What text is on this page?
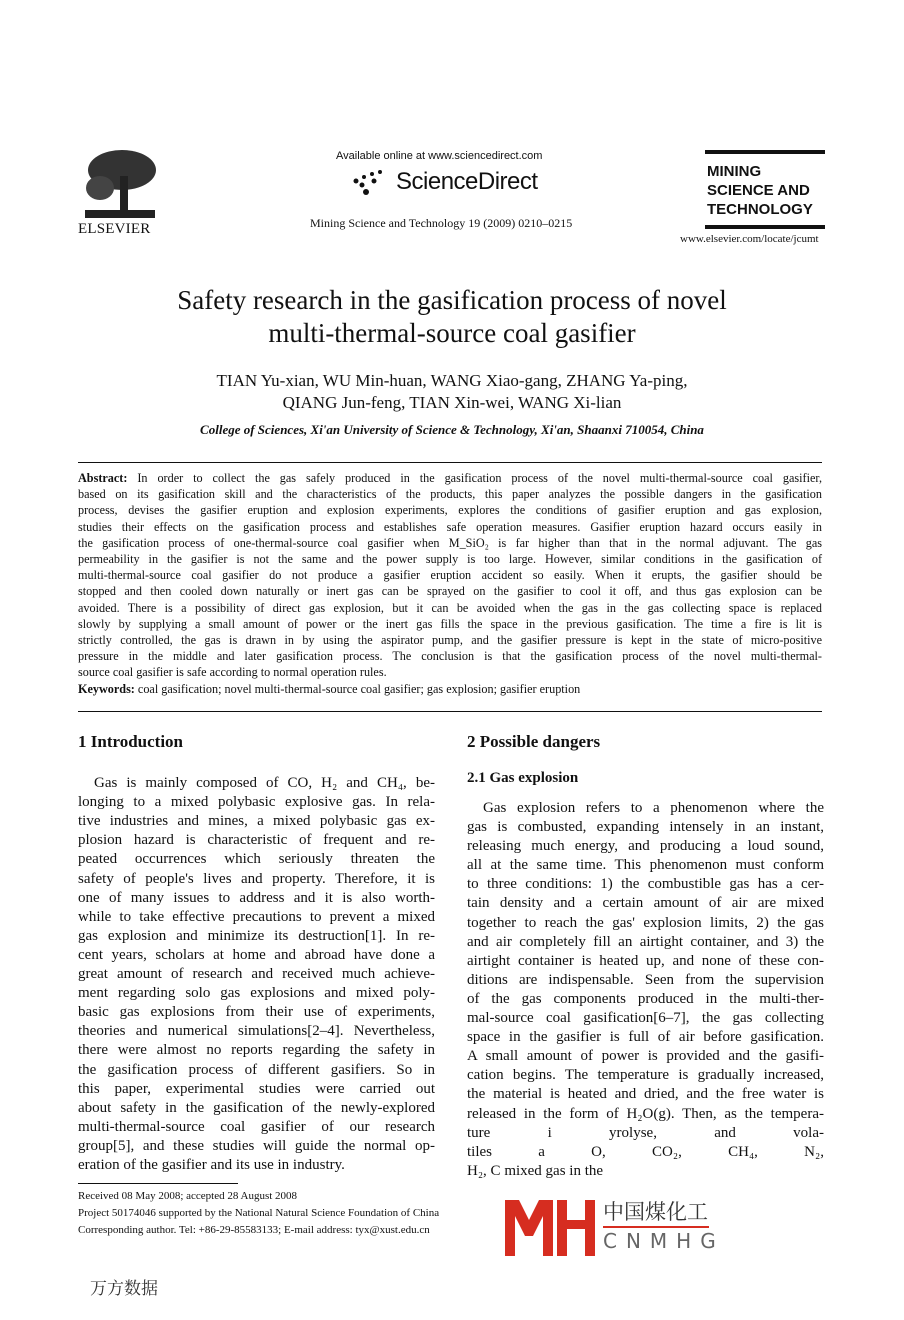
ELSEVIER
Available online at www.sciencedirect.com
ScienceDirect
Mining Science and Technology 19 (2009) 0210–0215
MINING
SCIENCE AND
TECHNOLOGY
www.elsevier.com/locate/jcumt
Safety research in the gasification process of novel
multi-thermal-source coal gasifier
TIAN Yu-xian, WU Min-huan, WANG Xiao-gang, ZHANG Ya-ping,
QIANG Jun-feng, TIAN Xin-wei, WANG Xi-lian
College of Sciences, Xi'an University of Science & Technology, Xi'an, Shaanxi 710054, China
Abstract: In order to collect the gas safely produced in the gasification process of the novel multi-thermal-source coal gasifier,
based on its gasification skill and the characteristics of the products, this paper analyzes the possible dangers in the gasification
process, devises the gasifier eruption and explosion experiments, explores the conditions of gasifier eruption and gas explosion,
studies their effects on the gasification process and establishes safe operation measures. Gasifier eruption hazard occurs easily in
the gasification process of one-thermal-source coal gasifier when M_SiO₂ is far higher than that in the normal adjuvant. The gas
permeability in the gasifier is not the same and the power supply is too large. However, similar conditions in the gasification of
multi-thermal-source coal gasifier do not produce a gasifier eruption accident so easily. When it erupts, the gasifier should be
stopped and then cooled down naturally or inert gas can be sprayed on the gasifier to cool it off, and thus gas explosion can be
avoided. There is a possibility of direct gas explosion, but it can be avoided when the gas in the gas collecting space is replaced
slowly by supplying a small amount of power or the inert gas fills the space in the previous gasification. The time a fire is lit is
strictly controlled, the gas is drawn in by using the aspirator pump, and the gasifier pressure is kept in the state of micro-positive
pressure in the middle and later gasification process. The conclusion is that the gasification process of the novel multi-thermal-
source coal gasifier is safe according to normal operation rules.
Keywords: coal gasification; novel multi-thermal-source coal gasifier; gas explosion; gasifier eruption
1 Introduction
Gas is mainly composed of CO, H₂ and CH₄, be-
longing to a mixed polybasic explosive gas. In rela-
tive industries and mines, a mixed polybasic gas ex-
plosion hazard is characteristic of frequent and re-
peated occurrences which seriously threaten the
safety of people's lives and property. Therefore, it is
one of many issues to address and it is also worth-
while to take effective precautions to prevent a mixed
gas explosion and minimize its destruction[1]. In re-
cent years, scholars at home and abroad have done a
great amount of research and received much achieve-
ment regarding solo gas explosions and mixed poly-
basic gas explosions from their use of experiments,
theories and numerical simulations[2–4]. Nevertheless,
there were almost no reports regarding the safety in
the gasification process of different gasifiers. So in
this paper, experimental studies were carried out
about safety in the gasification of the newly-explored
multi-thermal-source coal gasifier of our research
group[5], and these studies will guide the normal op-
eration of the gasifier and its use in industry.
2 Possible dangers
2.1 Gas explosion
Gas explosion refers to a phenomenon where the
gas is combusted, expanding intensely in an instant,
releasing much energy, and producing a loud sound,
all at the same time. This phenomenon must conform
to three conditions: 1) the combustible gas has a cer-
tain density and a certain amount of air are mixed
together to reach the gas' explosion limits, 2) the gas
and air completely fill an airtight container, and 3) the
airtight container is heated up, and none of these con-
ditions are indispensable. Seen from the supervision
of the gas components produced in the multi-ther-
mal-source coal gasification[6–7], the gas collecting
space in the gasifier is full of air before gasification.
A small amount of power is provided and the gasifi-
cation begins. The temperature is gradually increased,
the material is heated and dried, and the free water is
released in the form of H₂O(g). Then, as the tempera-
ture i yrolyse, and vola-
tiles a O, CO₂, CH₄, N₂,
H₂, C mixed gas in the
中国煤化工
CNMHG
Received 08 May 2008; accepted 28 August 2008
Project 50174046 supported by the National Natural Science Foundation of China
Corresponding author. Tel: +86-29-85583133; E-mail address: tyx@xust.edu.cn
万方数据
